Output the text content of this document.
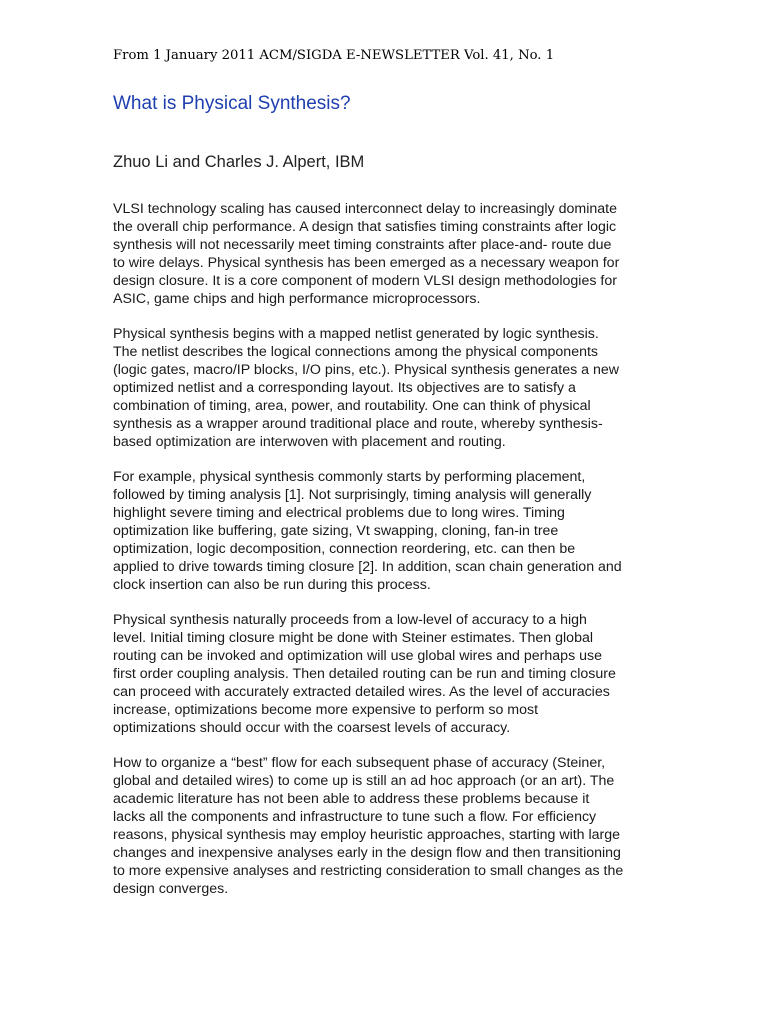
From 1 January 2011 ACM/SIGDA E-NEWSLETTER Vol. 41, No. 1
What is Physical Synthesis?
Zhuo Li and Charles J. Alpert, IBM

VLSI technology scaling has caused interconnect delay to increasingly dominate
the overall chip performance. A design that satisfies timing constraints after logic
synthesis will not necessarily meet timing constraints after place-and- route due
to wire delays. Physical synthesis has been emerged as a necessary weapon for
design closure. It is a core component of modern VLSI design methodologies for
ASIC, game chips and high performance microprocessors.

Physical synthesis begins with a mapped netlist generated by logic synthesis.
The netlist describes the logical connections among the physical components
(logic gates, macro/IP blocks, I/O pins, etc.). Physical synthesis generates a new
optimized netlist and a corresponding layout. Its objectives are to satisfy a
combination of timing, area, power, and routability. One can think of physical
synthesis as a wrapper around traditional place and route, whereby synthesis-
based optimization are interwoven with placement and routing.

For example, physical synthesis commonly starts by performing placement,
followed by timing analysis [1]. Not surprisingly, timing analysis will generally
highlight severe timing and electrical problems due to long wires. Timing
optimization like buffering, gate sizing, Vt swapping, cloning, fan-in tree
optimization, logic decomposition, connection reordering, etc. can then be
applied to drive towards timing closure [2]. In addition, scan chain generation and
clock insertion can also be run during this process.

Physical synthesis naturally proceeds from a low-level of accuracy to a high
level. Initial timing closure might be done with Steiner estimates. Then global
routing can be invoked and optimization will use global wires and perhaps use
first order coupling analysis. Then detailed routing can be run and timing closure
can proceed with accurately extracted detailed wires. As the level of accuracies
increase, optimizations become more expensive to perform so most
optimizations should occur with the coarsest levels of accuracy.

How to organize a “best” flow for each subsequent phase of accuracy (Steiner,
global and detailed wires) to come up is still an ad hoc approach (or an art). The
academic literature has not been able to address these problems because it
lacks all the components and infrastructure to tune such a flow. For efficiency
reasons, physical synthesis may employ heuristic approaches, starting with large
changes and inexpensive analyses early in the design flow and then transitioning
to more expensive analyses and restricting consideration to small changes as the
design converges.
